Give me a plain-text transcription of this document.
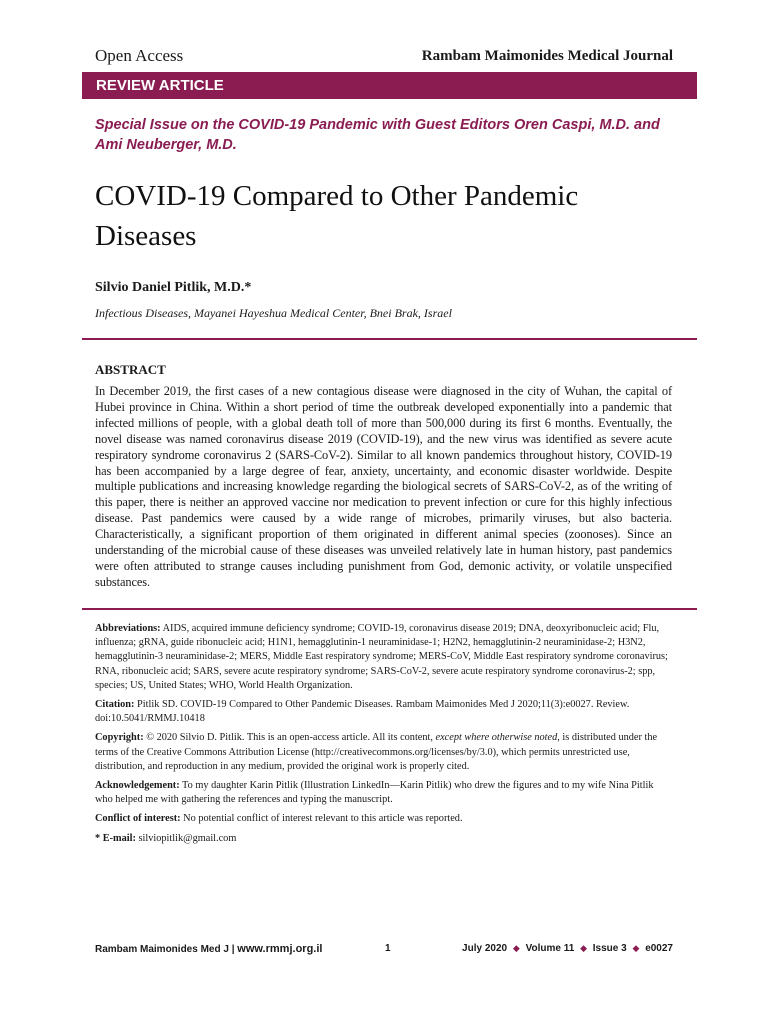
Open Access	Rambam Maimonides Medical Journal
REVIEW ARTICLE
Special Issue on the COVID-19 Pandemic with Guest Editors Oren Caspi, M.D. and Ami Neuberger, M.D.
COVID-19 Compared to Other Pandemic Diseases
Silvio Daniel Pitlik, M.D.*
Infectious Diseases, Mayanei Hayeshua Medical Center, Bnei Brak, Israel
ABSTRACT
In December 2019, the first cases of a new contagious disease were diagnosed in the city of Wuhan, the capital of Hubei province in China. Within a short period of time the outbreak developed exponentially into a pandemic that infected millions of people, with a global death toll of more than 500,000 during its first 6 months. Eventually, the novel disease was named coronavirus disease 2019 (COVID-19), and the new virus was identified as severe acute respiratory syndrome coronavirus 2 (SARS-CoV-2). Similar to all known pandemics throughout history, COVID-19 has been accompanied by a large degree of fear, anxiety, uncertainty, and economic disaster worldwide. Despite multiple publications and increasing knowledge regarding the biological secrets of SARS-CoV-2, as of the writing of this paper, there is neither an approved vaccine nor medication to prevent infection or cure for this highly infectious disease. Past pandemics were caused by a wide range of microbes, primarily viruses, but also bacteria. Characteristically, a significant proportion of them originated in different animal species (zoonoses). Since an understanding of the microbial cause of these diseases was unveiled relatively late in human history, past pandemics were often attributed to strange causes including punishment from God, demonic activity, or volatile unspecified substances.

Abbreviations: AIDS, acquired immune deficiency syndrome; COVID-19, coronavirus disease 2019; DNA, deoxyribonucleic acid; Flu, influenza; gRNA, guide ribonucleic acid; H1N1, hemagglutinin-1 neuraminidase-1; H2N2, hemagglutinin-2 neuraminidase-2; H3N2, hemagglutinin-3 neuraminidase-2; MERS, Middle East respiratory syndrome; MERS-CoV, Middle East respiratory syndrome coronavirus; RNA, ribonucleic acid; SARS, severe acute respiratory syndrome; SARS-CoV-2, severe acute respiratory syndrome coronavirus-2; spp, species; US, United States; WHO, World Health Organization.

Citation: Pitlik SD. COVID-19 Compared to Other Pandemic Diseases. Rambam Maimonides Med J 2020;11(3):e0027. Review. doi:10.5041/RMMJ.10418

Copyright: © 2020 Silvio D. Pitlik. This is an open-access article. All its content, except where otherwise noted, is distributed under the terms of the Creative Commons Attribution License (http://creativecommons.org/licenses/by/3.0), which permits unrestricted use, distribution, and reproduction in any medium, provided the original work is properly cited.

Acknowledgement: To my daughter Karin Pitlik (Illustration LinkedIn—Karin Pitlik) who drew the figures and to my wife Nina Pitlik who helped me with gathering the references and typing the manuscript.

Conflict of interest: No potential conflict of interest relevant to this article was reported.

* E-mail: silviopitlik@gmail.com

Rambam Maimonides Med J | www.rmmj.org.il	1	July 2020 ◆ Volume 11 ◆ Issue 3 ◆ e0027
